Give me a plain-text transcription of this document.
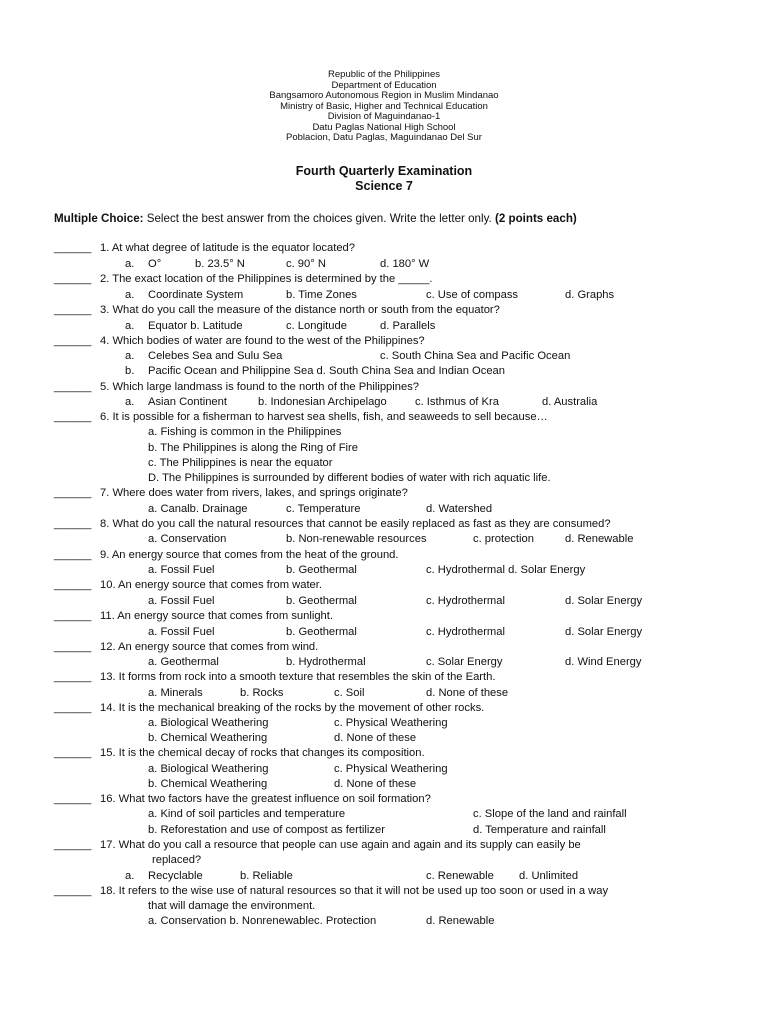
Republic of the Philippines
Department of Education
Bangsamoro Autonomous Region in Muslim Mindanao
Ministry of Basic, Higher and Technical Education
Division of Maguindanao-1
Datu Paglas National High School
Poblacion, Datu Paglas, Maguindanao Del Sur
Fourth Quarterly Examination
Science 7
Multiple Choice: Select the best answer from the choices given. Write the letter only. (2 points each)
______ 1. At what degree of latitude is the equator located?
a. O°	b. 23.5° N	c. 90° N	d. 180° W
______ 2. The exact location of the Philippines is determined by the _____.
a. Coordinate System	b. Time Zones	c. Use of compass	d. Graphs
______ 3. What do you call the measure of the distance north or south from the equator?
a. Equator b. Latitude	c. Longitude	d. Parallels
______ 4. Which bodies of water are found to the west of the Philippines?
a. Celebes Sea and Sulu Sea	c. South China Sea and Pacific Ocean
b. Pacific Ocean and Philippine Sea d. South China Sea and Indian Ocean
______ 5. Which large landmass is found to the north of the Philippines?
a. Asian Continent	b. Indonesian Archipelago	c. Isthmus of Kra	d. Australia
______ 6. It is possible for a fisherman to harvest sea shells, fish, and seaweeds to sell because…
a. Fishing is common in the Philippines
b. The Philippines is along the Ring of Fire
c. The Philippines is near the equator
D. The Philippines is surrounded by different bodies of water with rich aquatic life.
______ 7. Where does water from rivers, lakes, and springs originate?
a. Canalb. Drainage	c. Temperature	d. Watershed
______ 8. What do you call the natural resources that cannot be easily replaced as fast as they are consumed?
a. Conservation	b. Non-renewable resources	c. protection	d. Renewable
______ 9. An energy source that comes from the heat of the ground.
a. Fossil Fuel	b. Geothermal	c. Hydrothermal d. Solar Energy
______ 10. An energy source that comes from water.
a. Fossil Fuel	b. Geothermal	c. Hydrothermal	d. Solar Energy
______ 11. An energy source that comes from sunlight.
a. Fossil Fuel	b. Geothermal	c. Hydrothermal	d. Solar Energy
______ 12. An energy source that comes from wind.
a. Geothermal	b. Hydrothermal	c. Solar Energy	d. Wind Energy
______ 13. It forms from rock into a smooth texture that resembles the skin of the Earth.
a. Minerals	b. Rocks	c. Soil	d. None of these
______ 14. It is the mechanical breaking of the rocks by the movement of other rocks.
a. Biological Weathering	c. Physical Weathering
b. Chemical Weathering	d. None of these
______ 15. It is the chemical decay of rocks that changes its composition.
a. Biological Weathering	c. Physical Weathering
b. Chemical Weathering	d. None of these
______ 16. What two factors have the greatest influence on soil formation?
a. Kind of soil particles and temperature	c. Slope of the land and rainfall
b. Reforestation and use of compost as fertilizer	d. Temperature and rainfall
______ 17. What do you call a resource that people can use again and again and its supply can easily be
replaced?
a. Recyclable	b. Reliable	c. Renewable d. Unlimited
______ 18. It refers to the wise use of natural resources so that it will not be used up too soon or used in a way
that will damage the environment.
a. Conservation b. Nonrenewablec. Protection	d. Renewable
